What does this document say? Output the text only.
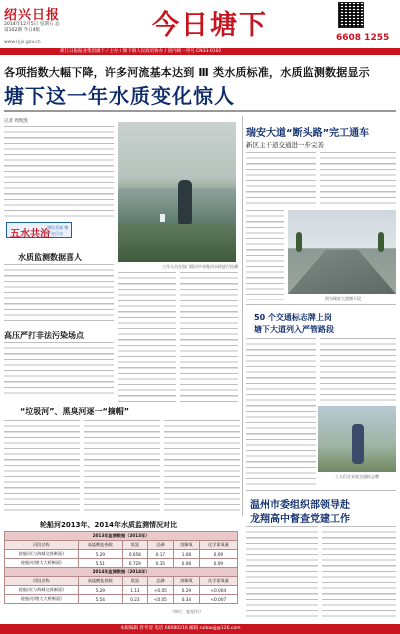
绍兴日报
2014年12月5日 星期五 总第102期 今日4版	今日塘下	6608 1255
www.ryjx.gov.cn
浙江日报报业集团旗下 / 主办 / 塘下镇人民政府协办 / 国内统一刊号 CN33-0102
各项指数大幅下降，许多河流基本达到 Ⅲ 类水质标准，水质监测数据显示
塘下这一年水质变化惊人
记者 周凯凯
五水共治
建设美丽 塘下在行动
水质监测数据喜人
高压严打非法污染场点
“垃圾河”、黑臭河逐一“摘帽”
工作人员在如门路河中采集河水样进行检测
瑞安大道“断头路”完工通车
新区主干道交通进一步完善
图为瑞安大道塘下段
50 个交通标志牌上岗
塘下大道列入严管路段
工人们在安放交通标志牌
温州市委组织部领导赴
龙翔高中督查党建工作
轮船河2013年、2014年水质监测情况对比
2013年监测数据（2013年）					
河段名称	高锰酸盐指数	氨氮	总磷	溶解氧	化学需氧量
轮船河(与海城交界断面)	5.29	0.658	0.17	1.08	0.09
轮船河(塘大大桥断面)	5.51	0.729	0.35	0.08	0.09
2014年监测数据（2014年）					
河段名称	高锰酸盐指数	氨氮	总磷	溶解氧	化学需氧量
轮船河(与海城交界断面)	5.29	1.13	<0.05	0.29	<0.004
轮船河(塘大大桥断面)	5.54	0.23	<0.05	0.34	<0.007
（单位：毫克/升）
本版编辑 曾考迎 电话 66080216 邮箱 ruibaojj@126.com
